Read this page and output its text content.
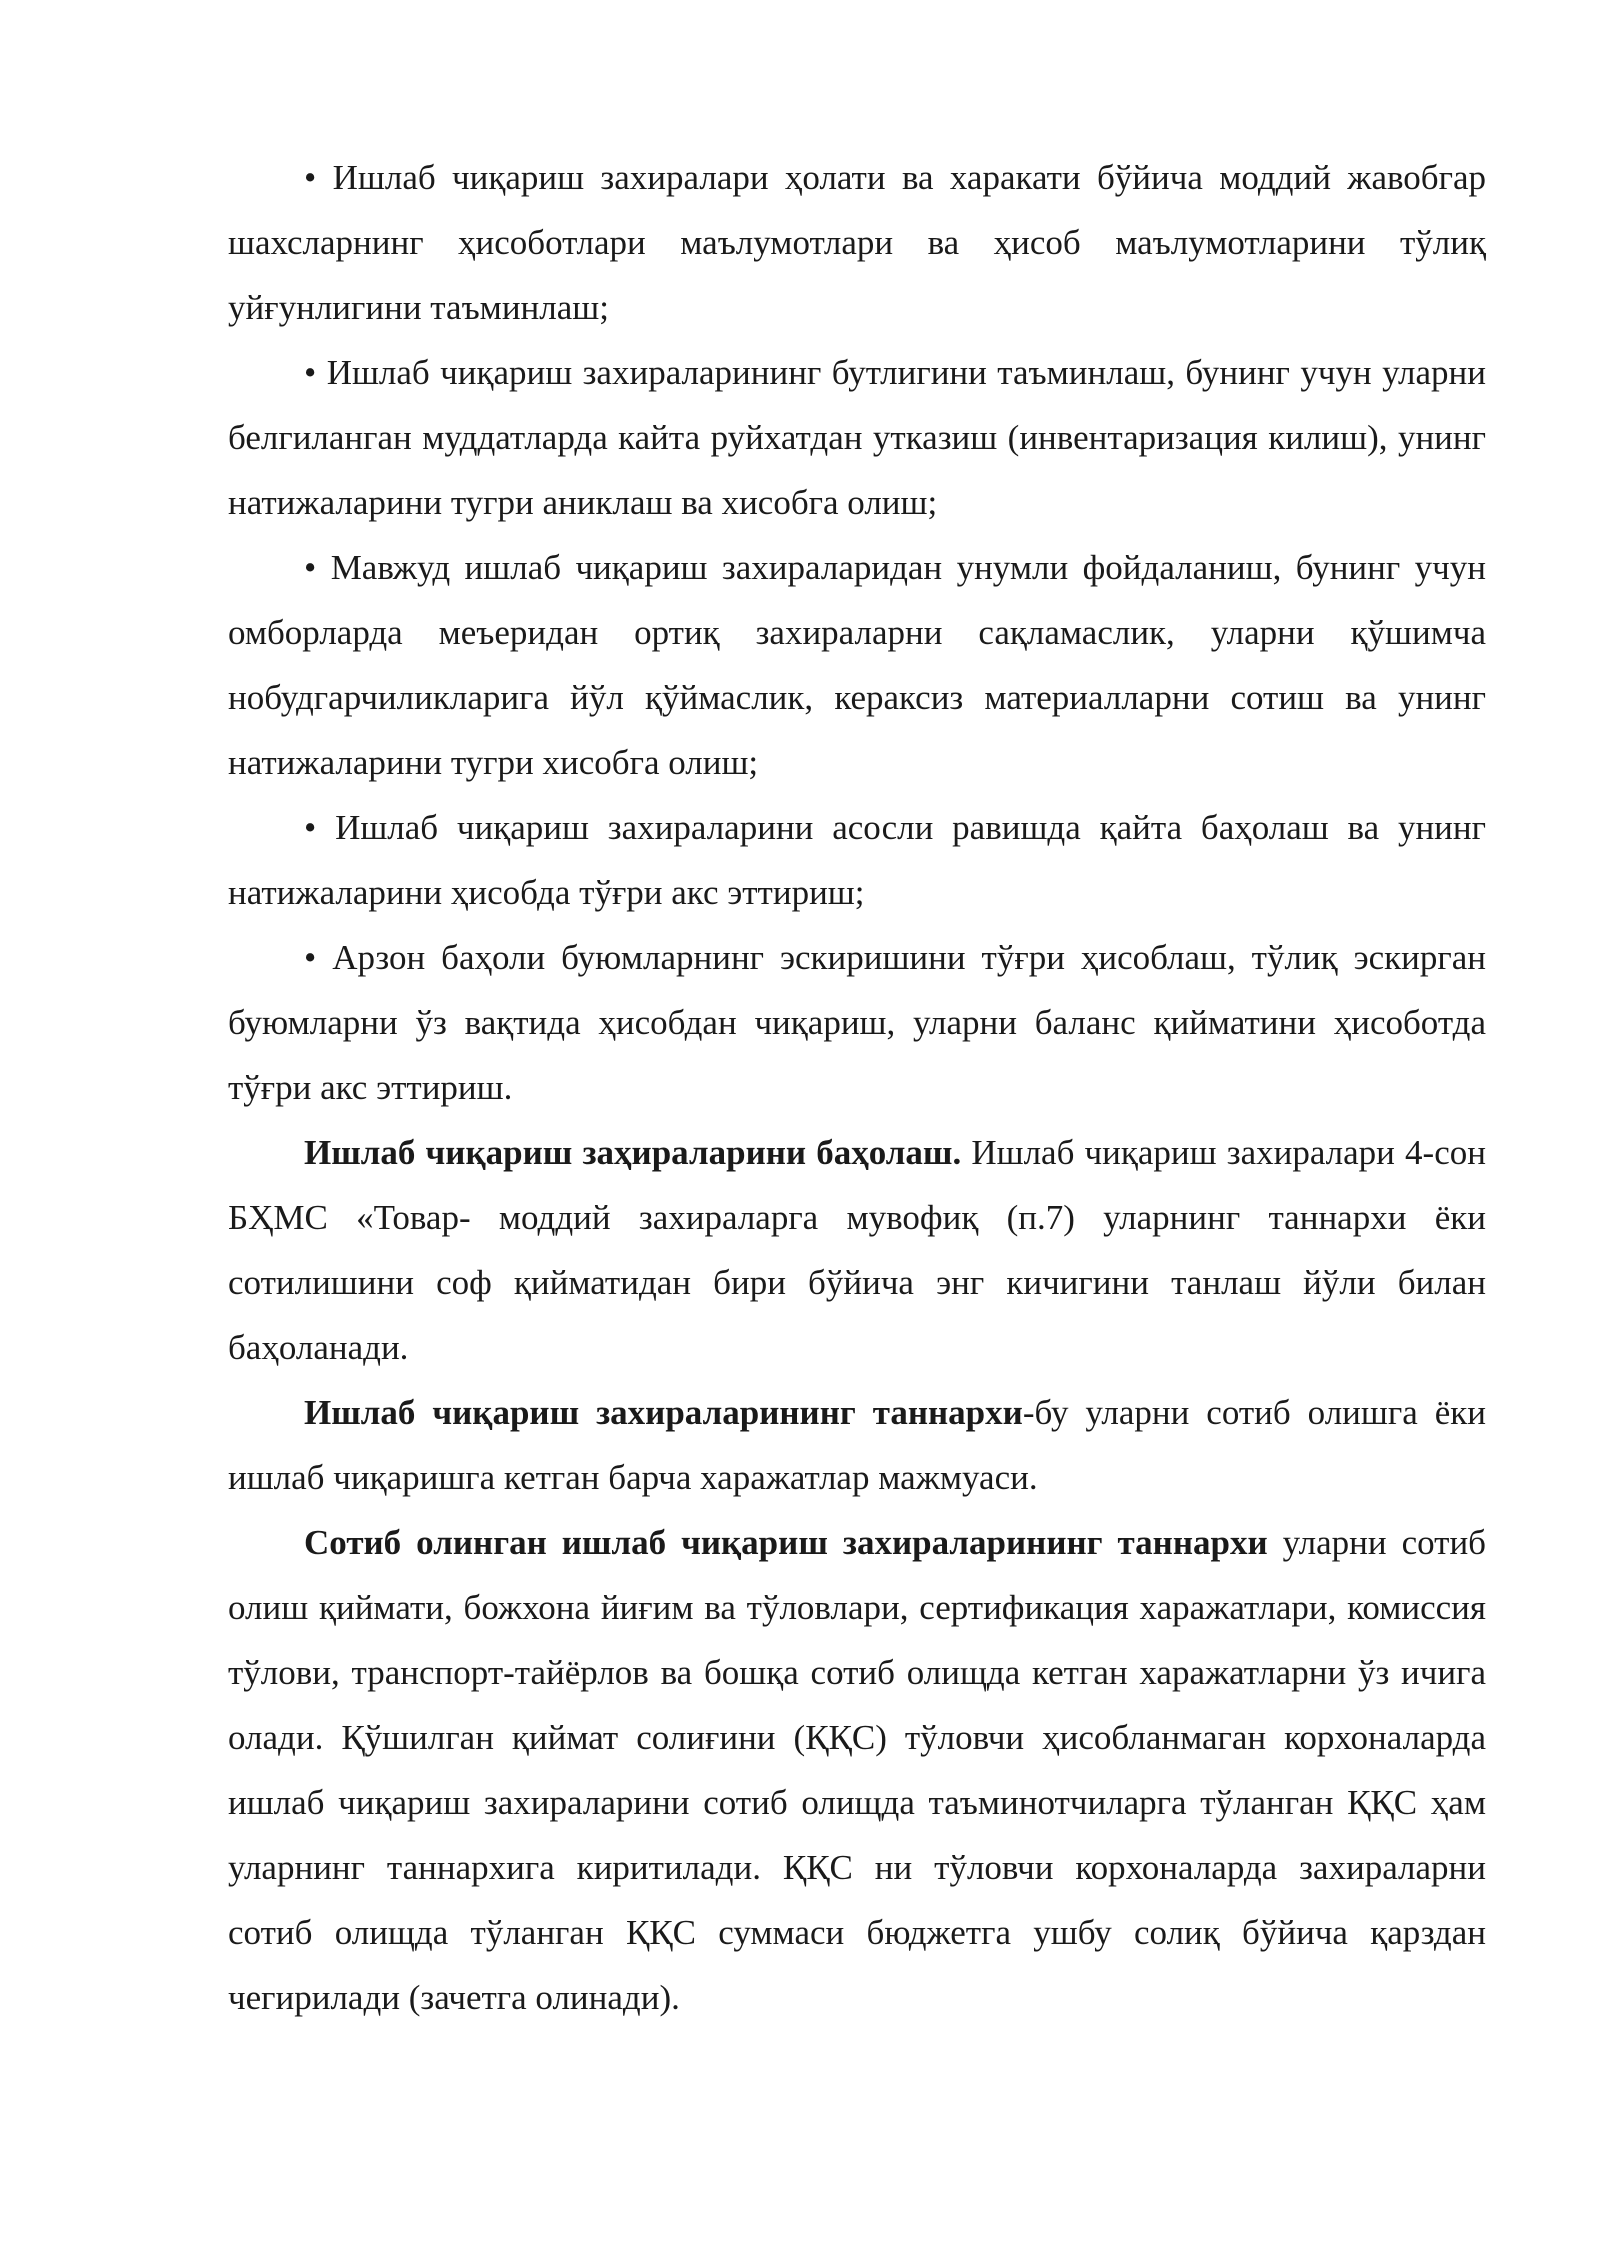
• Ишлаб чиқариш захиралари ҳолати ва харакати бўйича моддий жавобгар шахсларнинг ҳисоботлари маълумотлари ва ҳисоб маълумотларини тўлиқ уйғунлигини таъминлаш;

• Ишлаб чиқариш захираларининг бутлигини таъминлаш, бунинг учун уларни белгиланган муддатларда кайта руйхатдан утказиш (инвентаризация килиш), унинг натижаларини тугри аниклаш ва хисобга олиш;

• Мавжуд ишлаб чиқариш захираларидан унумли фойдаланиш, бунинг учун омборларда меъеридан ортиқ захираларни сақламаслик, уларни қўшимча нобудгарчиликларига йўл қўймаслик, кераксиз материалларни сотиш ва унинг натижаларини тугри хисобга олиш;

• Ишлаб чиқариш захираларини асосли равишда қайта баҳолаш ва унинг натижаларини ҳисобда тўғри акс эттириш;

• Арзон баҳоли буюмларнинг эскиришини тўғри ҳисоблаш, тўлиқ эскирган буюмларни ўз вақтида ҳисобдан чиқариш, уларни баланс қийматини ҳисоботда тўғри акс эттириш.

Ишлаб чиқариш заҳираларини баҳолаш. Ишлаб чиқариш захиралари 4-сон БҲМС «Товар- моддий захираларга мувофиқ (п.7) уларнинг таннархи ёки сотилишини соф қийматидан бири бўйича энг кичигини танлаш йўли билан баҳоланади.

Ишлаб чиқариш захираларининг таннархи-бу уларни сотиб олишга ёки ишлаб чиқаришга кетган барча харажатлар мажмуаси.

Сотиб олинган ишлаб чиқариш захираларининг таннархи уларни сотиб олиш қиймати, божхона йиғим ва тўловлари, сертификация харажатлари, комиссия тўлови, транспорт-тайёрлов ва бошқа сотиб олищда кетган харажатларни ўз ичига олади. Қўшилган қиймат солиғини (ҚҚС) тўловчи ҳисобланмаган корхоналарда ишлаб чиқариш захираларини сотиб олищда таъминотчиларга тўланган ҚҚС ҳам уларнинг таннархига киритилади. ҚҚС ни тўловчи корхоналарда захираларни сотиб олищда тўланган ҚҚС суммаси бюджетга ушбу солиқ бўйича қарздан чегирилади (зачетга олинади).
